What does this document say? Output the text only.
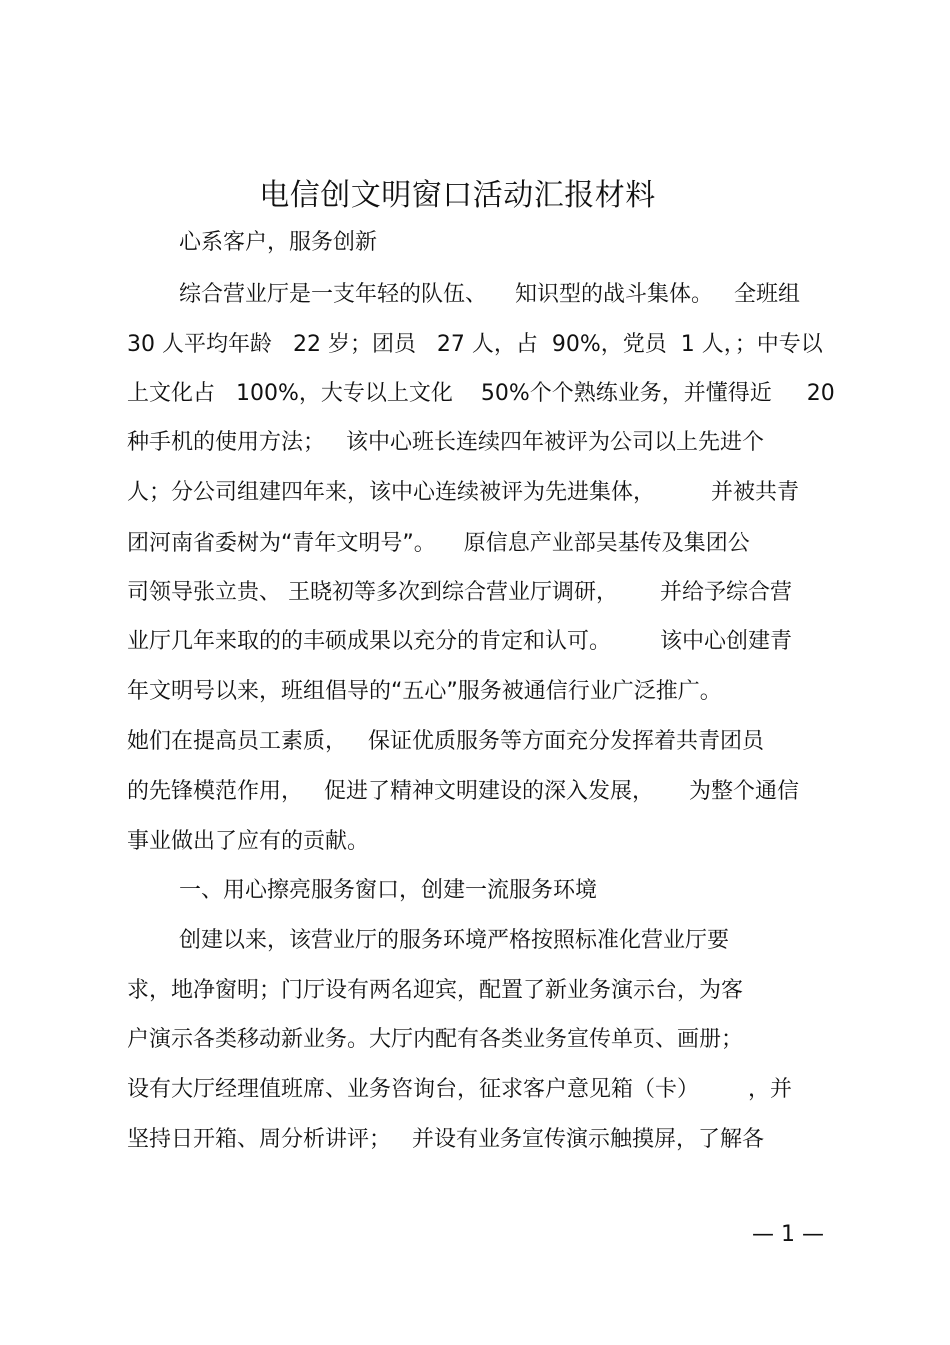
电信创文明窗口活动汇报材料
心系客户，服务创新
综合营业厅是一支年轻的队伍、    知识型的战斗集体。   全班组
30 人平均年龄   22 岁；团员   27 人，占  90%，党员  1 人，；中专以
上文化占   100%，大专以上文化    50%个个熟练业务，并懂得近     20
种手机的使用方法；   该中心班长连续四年被评为公司以上先进个
人；分公司组建四年来，该中心连续被评为先进集体，        并被共青
团河南省委树为“青年文明号”。    原信息产业部吴基传及集团公
司领导张立贵、 王晓初等多次到综合营业厅调研，      并给予综合营
业厅几年来取的的丰硕成果以充分的肯定和认可。       该中心创建青
年文明号以来，班组倡导的“五心”服务被通信行业广泛推广。
她们在提高员工素质，   保证优质服务等方面充分发挥着共青团员
的先锋模范作用，   促进了精神文明建设的深入发展，     为整个通信
事业做出了应有的贡献。
一、用心擦亮服务窗口，创建一流服务环境
创建以来，该营业厅的服务环境严格按照标准化营业厅要
求，地净窗明；门厅设有两名迎宾，配置了新业务演示台，为客
户演示各类移动新业务。大厅内配有各类业务宣传单页、画册；
设有大厅经理值班席、业务咨询台，征求客户意见箱（卡）       ，并
坚持日开箱、周分析讲评；   并设有业务宣传演示触摸屏，了解各
— 1 —
